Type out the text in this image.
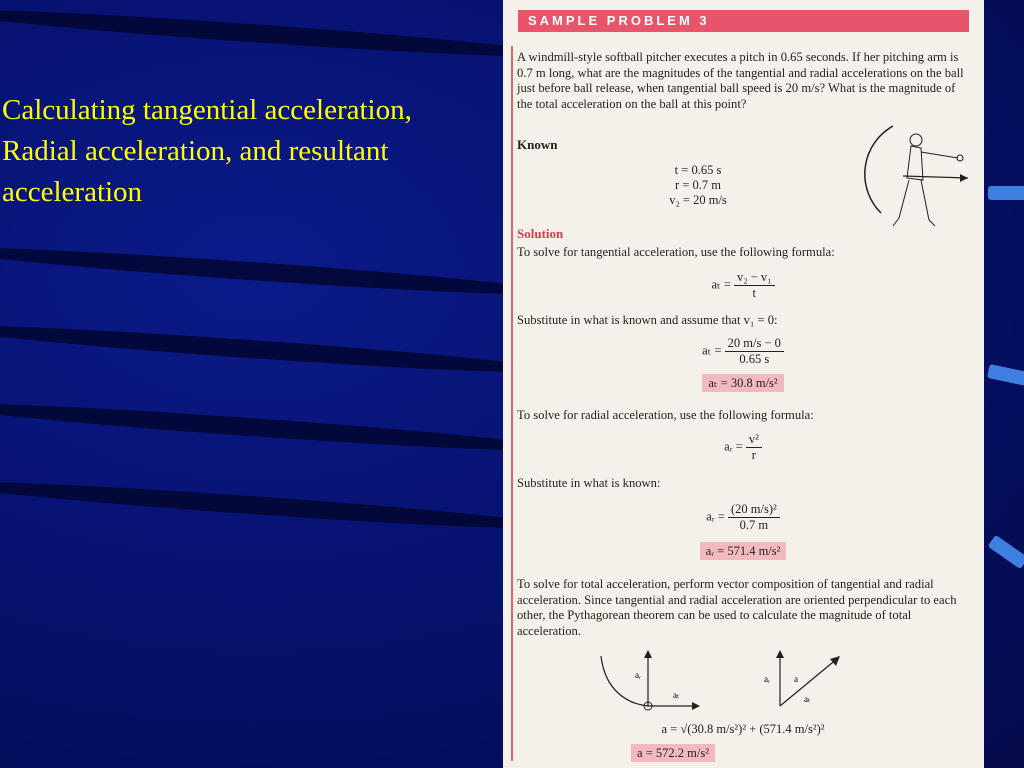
Calculating tangential acceleration,
Radial acceleration, and resultant
acceleration
SAMPLE PROBLEM 3

A windmill-style softball pitcher executes a pitch in 0.65 seconds. If her pitching arm is 0.7 m long, what are the magnitudes of the tangential and radial accelerations on the ball just before ball release, when tangential ball speed is 20 m/s? What is the magnitude of the total acceleration on the ball at this point?

Known

t = 0.65 s
r = 0.7 m
v₂ = 20 m/s

Solution

To solve for tangential acceleration, use the following formula:

$a_t = \frac{\text{v₂ − v₁}}{t}$

Substitute in what is known and assume that v₁ = 0:

$a_t = \frac{20 m/s - 0}{0.65 s}$
aₜ = 30.8 m/s²

To solve for radial acceleration, use the following formula:

aᵣ = $\frac{\text{v²}}{r}$

Substitute in what is known:

aᵣ = $\frac{\text{(20 m/s)²}}{0.7 m}$
aᵣ = 571.4 m/s²

To solve for total acceleration, perform vector composition of tangential and radial acceleration. Since tangential and radial acceleration are oriented perpendicular to each other, the Pythagorean theorem can be used to calculate the magnitude of total acceleration.

aᵣ
aₜ
aᵣ	a
aₜ
a = √(30.8 m/s²)² + (571.4 m/s²)²
a = 572.2 m/s²
